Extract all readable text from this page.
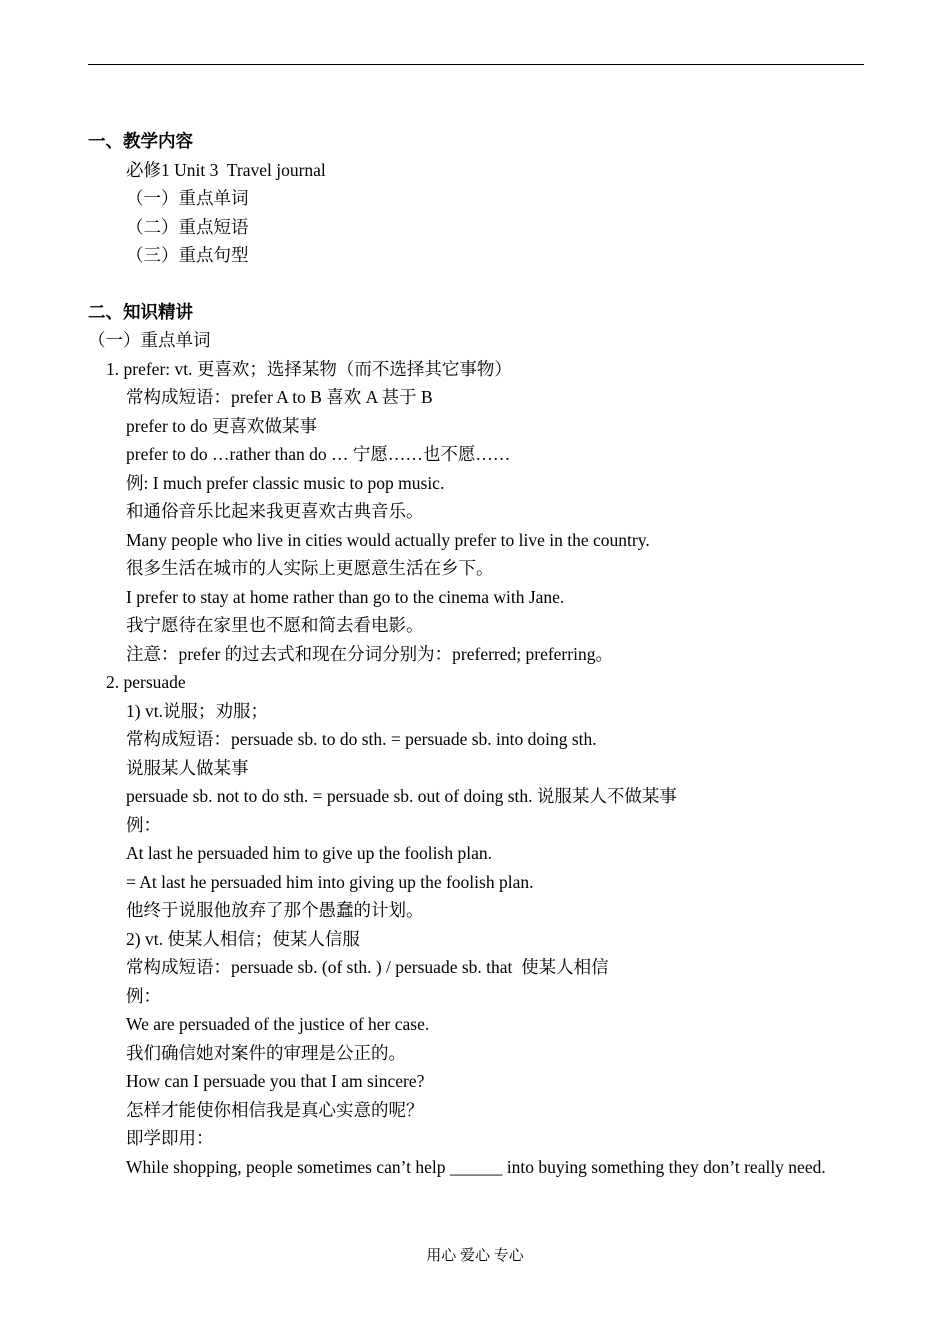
一、教学内容
必修1 Unit 3  Travel journal
（一）重点单词
（二）重点短语
（三）重点句型
二、知识精讲
（一）重点单词
1. prefer: vt. 更喜欢；选择某物（而不选择其它事物）
常构成短语：prefer A to B 喜欢 A 甚于 B
prefer to do 更喜欢做某事
prefer to do …rather than do … 宁愿……也不愿……
例: I much prefer classic music to pop music.
和通俗音乐比起来我更喜欢古典音乐。
Many people who live in cities would actually prefer to live in the country.
很多生活在城市的人实际上更愿意生活在乡下。
I prefer to stay at home rather than go to the cinema with Jane.
我宁愿待在家里也不愿和简去看电影。
注意：prefer 的过去式和现在分词分别为：preferred; preferring。
2. persuade
1) vt.说服；劝服；
常构成短语：persuade sb. to do sth. = persuade sb. into doing sth.
说服某人做某事
persuade sb. not to do sth. = persuade sb. out of doing sth. 说服某人不做某事
例：
At last he persuaded him to give up the foolish plan.
= At last he persuaded him into giving up the foolish plan.
他终于说服他放弃了那个愚蠢的计划。
2) vt. 使某人相信；使某人信服
常构成短语：persuade sb. (of sth. ) / persuade sb. that  使某人相信
例：
We are persuaded of the justice of her case.
我们确信她对案件的审理是公正的。
How can I persuade you that I am sincere?
怎样才能使你相信我是真心实意的呢？
即学即用：
While shopping, people sometimes can’t help ______ into buying something they don’t really need.
用心 爱心 专心
